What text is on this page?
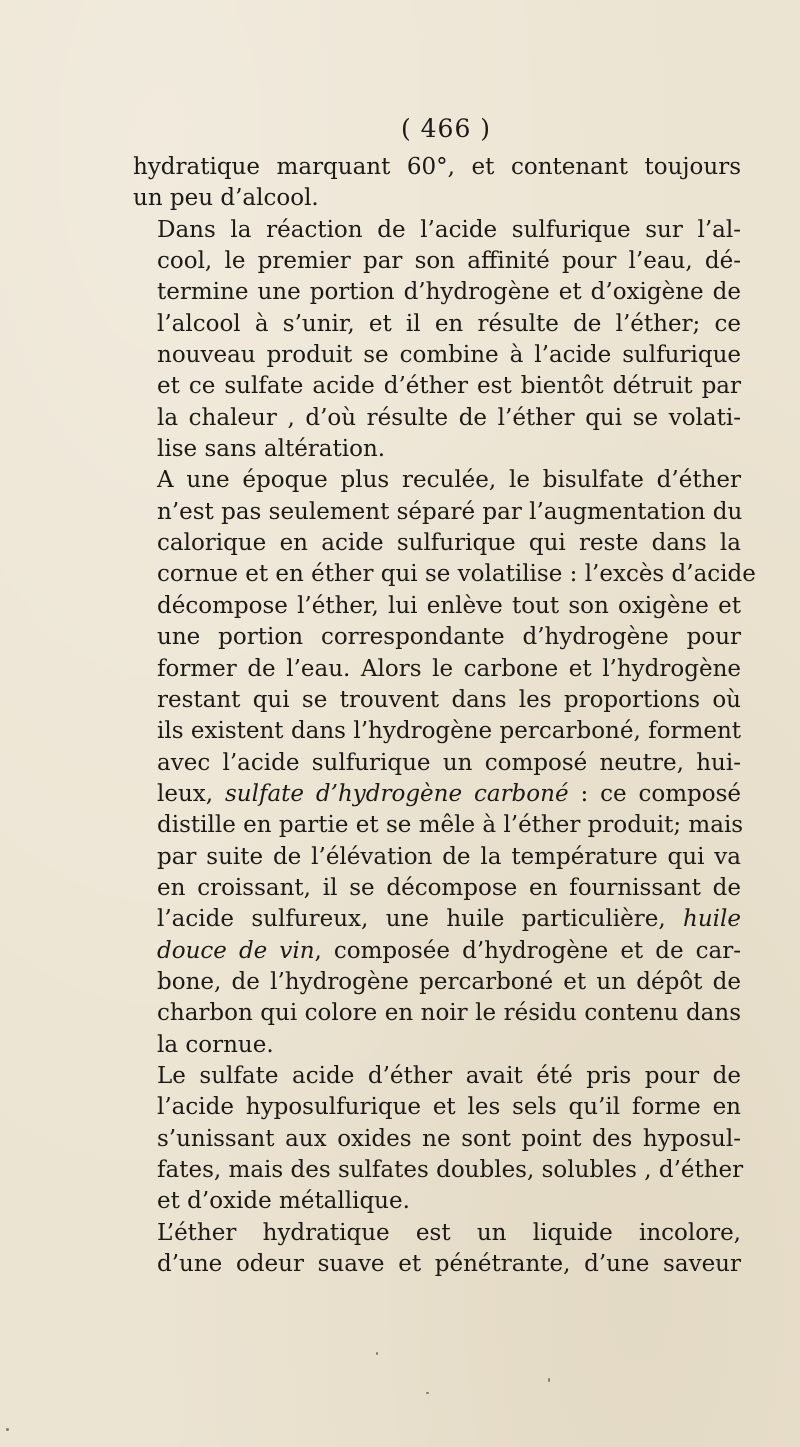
( 466 )

hydratique marquant 60°, et contenant toujours
un peu d’alcool.

Dans la réaction de l’acide sulfurique sur l’al-
cool, le premier par son affinité pour l’eau, dé-
termine une portion d’hydrogène et d’oxigène de
l’alcool à s’unir, et il en résulte de l’éther; ce
nouveau produit se combine à l’acide sulfurique
et ce sulfate acide d’éther est bientôt détruit par
la chaleur , d’où résulte de l’éther qui se volati-
lise sans altération.

A une époque plus reculée, le bisulfate d’éther
n’est pas seulement séparé par l’augmentation du
calorique en acide sulfurique qui reste dans la
cornue et en éther qui se volatilise : l’excès d’acide
décompose l’éther, lui enlève tout son oxigène et
une portion correspondante d’hydrogène pour
former de l’eau. Alors le carbone et l’hydrogène
restant qui se trouvent dans les proportions où
ils existent dans l’hydrogène percarboné, forment
avec l’acide sulfurique un composé neutre, hui-
leux, sulfate d’hydrogène carboné : ce composé
distille en partie et se mêle à l’éther produit; mais
par suite de l’élévation de la température qui va
en croissant, il se décompose en fournissant de
l’acide sulfureux, une huile particulière, huile
douce de vin, composée d’hydrogène et de car-
bone, de l’hydrogène percarboné et un dépôt de
charbon qui colore en noir le résidu contenu dans
la cornue.

Le sulfate acide d’éther avait été pris pour de
l’acide hyposulfurique et les sels qu’il forme en
s’unissant aux oxides ne sont point des hyposul-
fates, mais des sulfates doubles, solubles , d’éther
et d’oxide métallique.

L’éther hydratique est un liquide incolore,
d’une odeur suave et pénétrante, d’une saveur
